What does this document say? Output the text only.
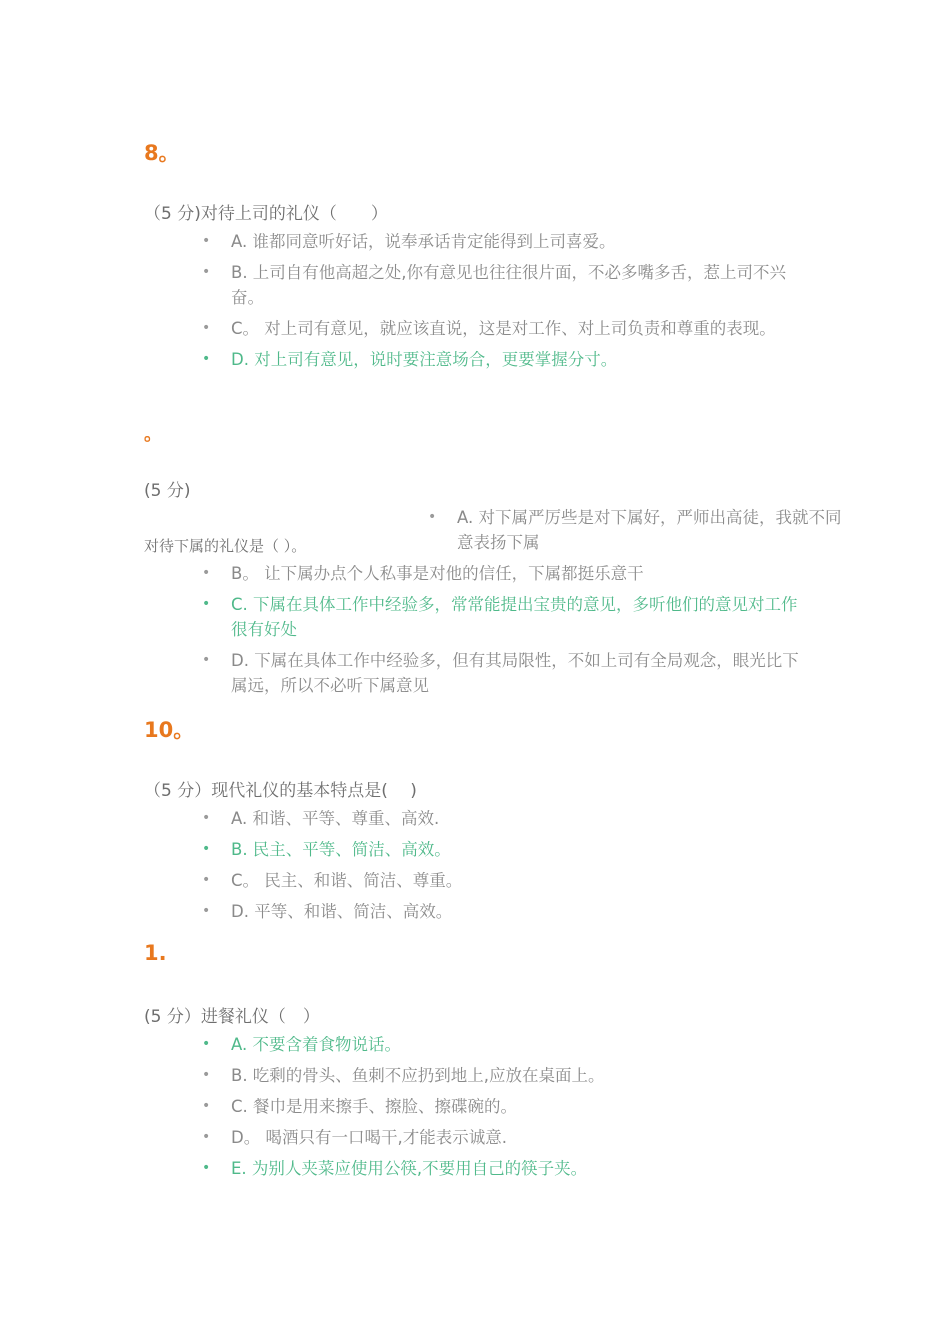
8。

（5 分)对待上司的礼仪（　　）

• A. 谁都同意听好话，说奉承话肯定能得到上司喜爱。
• B. 上司自有他高超之处,你有意见也往往很片面，不必多嘴多舌，惹上司不兴奋。
• C。 对上司有意见，就应该直说，这是对工作、对上司负责和尊重的表现。
• D. 对上司有意见，说时要注意场合，更要掌握分寸。
。

(5 分)

对待下属的礼仪是（ ）。

• A. 对下属严厉些是对下属好，严师出高徒，我就不同意表扬下属

• B。 让下属办点个人私事是对他的信任，下属都挺乐意干
• C. 下属在具体工作中经验多，常常能提出宝贵的意见，多听他们的意见对工作很有好处
• D. 下属在具体工作中经验多，但有其局限性，不如上司有全局观念，眼光比下属远，所以不必听下属意见
10。

（5 分）现代礼仪的基本特点是(　 )

• A. 和谐、平等、尊重、高效.
• B. 民主、平等、简洁、高效。
• C。 民主、和谐、简洁、尊重。
• D. 平等、和谐、简洁、高效。
1.

(5 分）进餐礼仪（　）

• A. 不要含着食物说话。
• B. 吃剩的骨头、鱼刺不应扔到地上,应放在桌面上。
• C. 餐巾是用来擦手、擦脸、擦碟碗的。
• D。 喝酒只有一口喝干,才能表示诚意.
• E. 为别人夹菜应使用公筷,不要用自己的筷子夹。
